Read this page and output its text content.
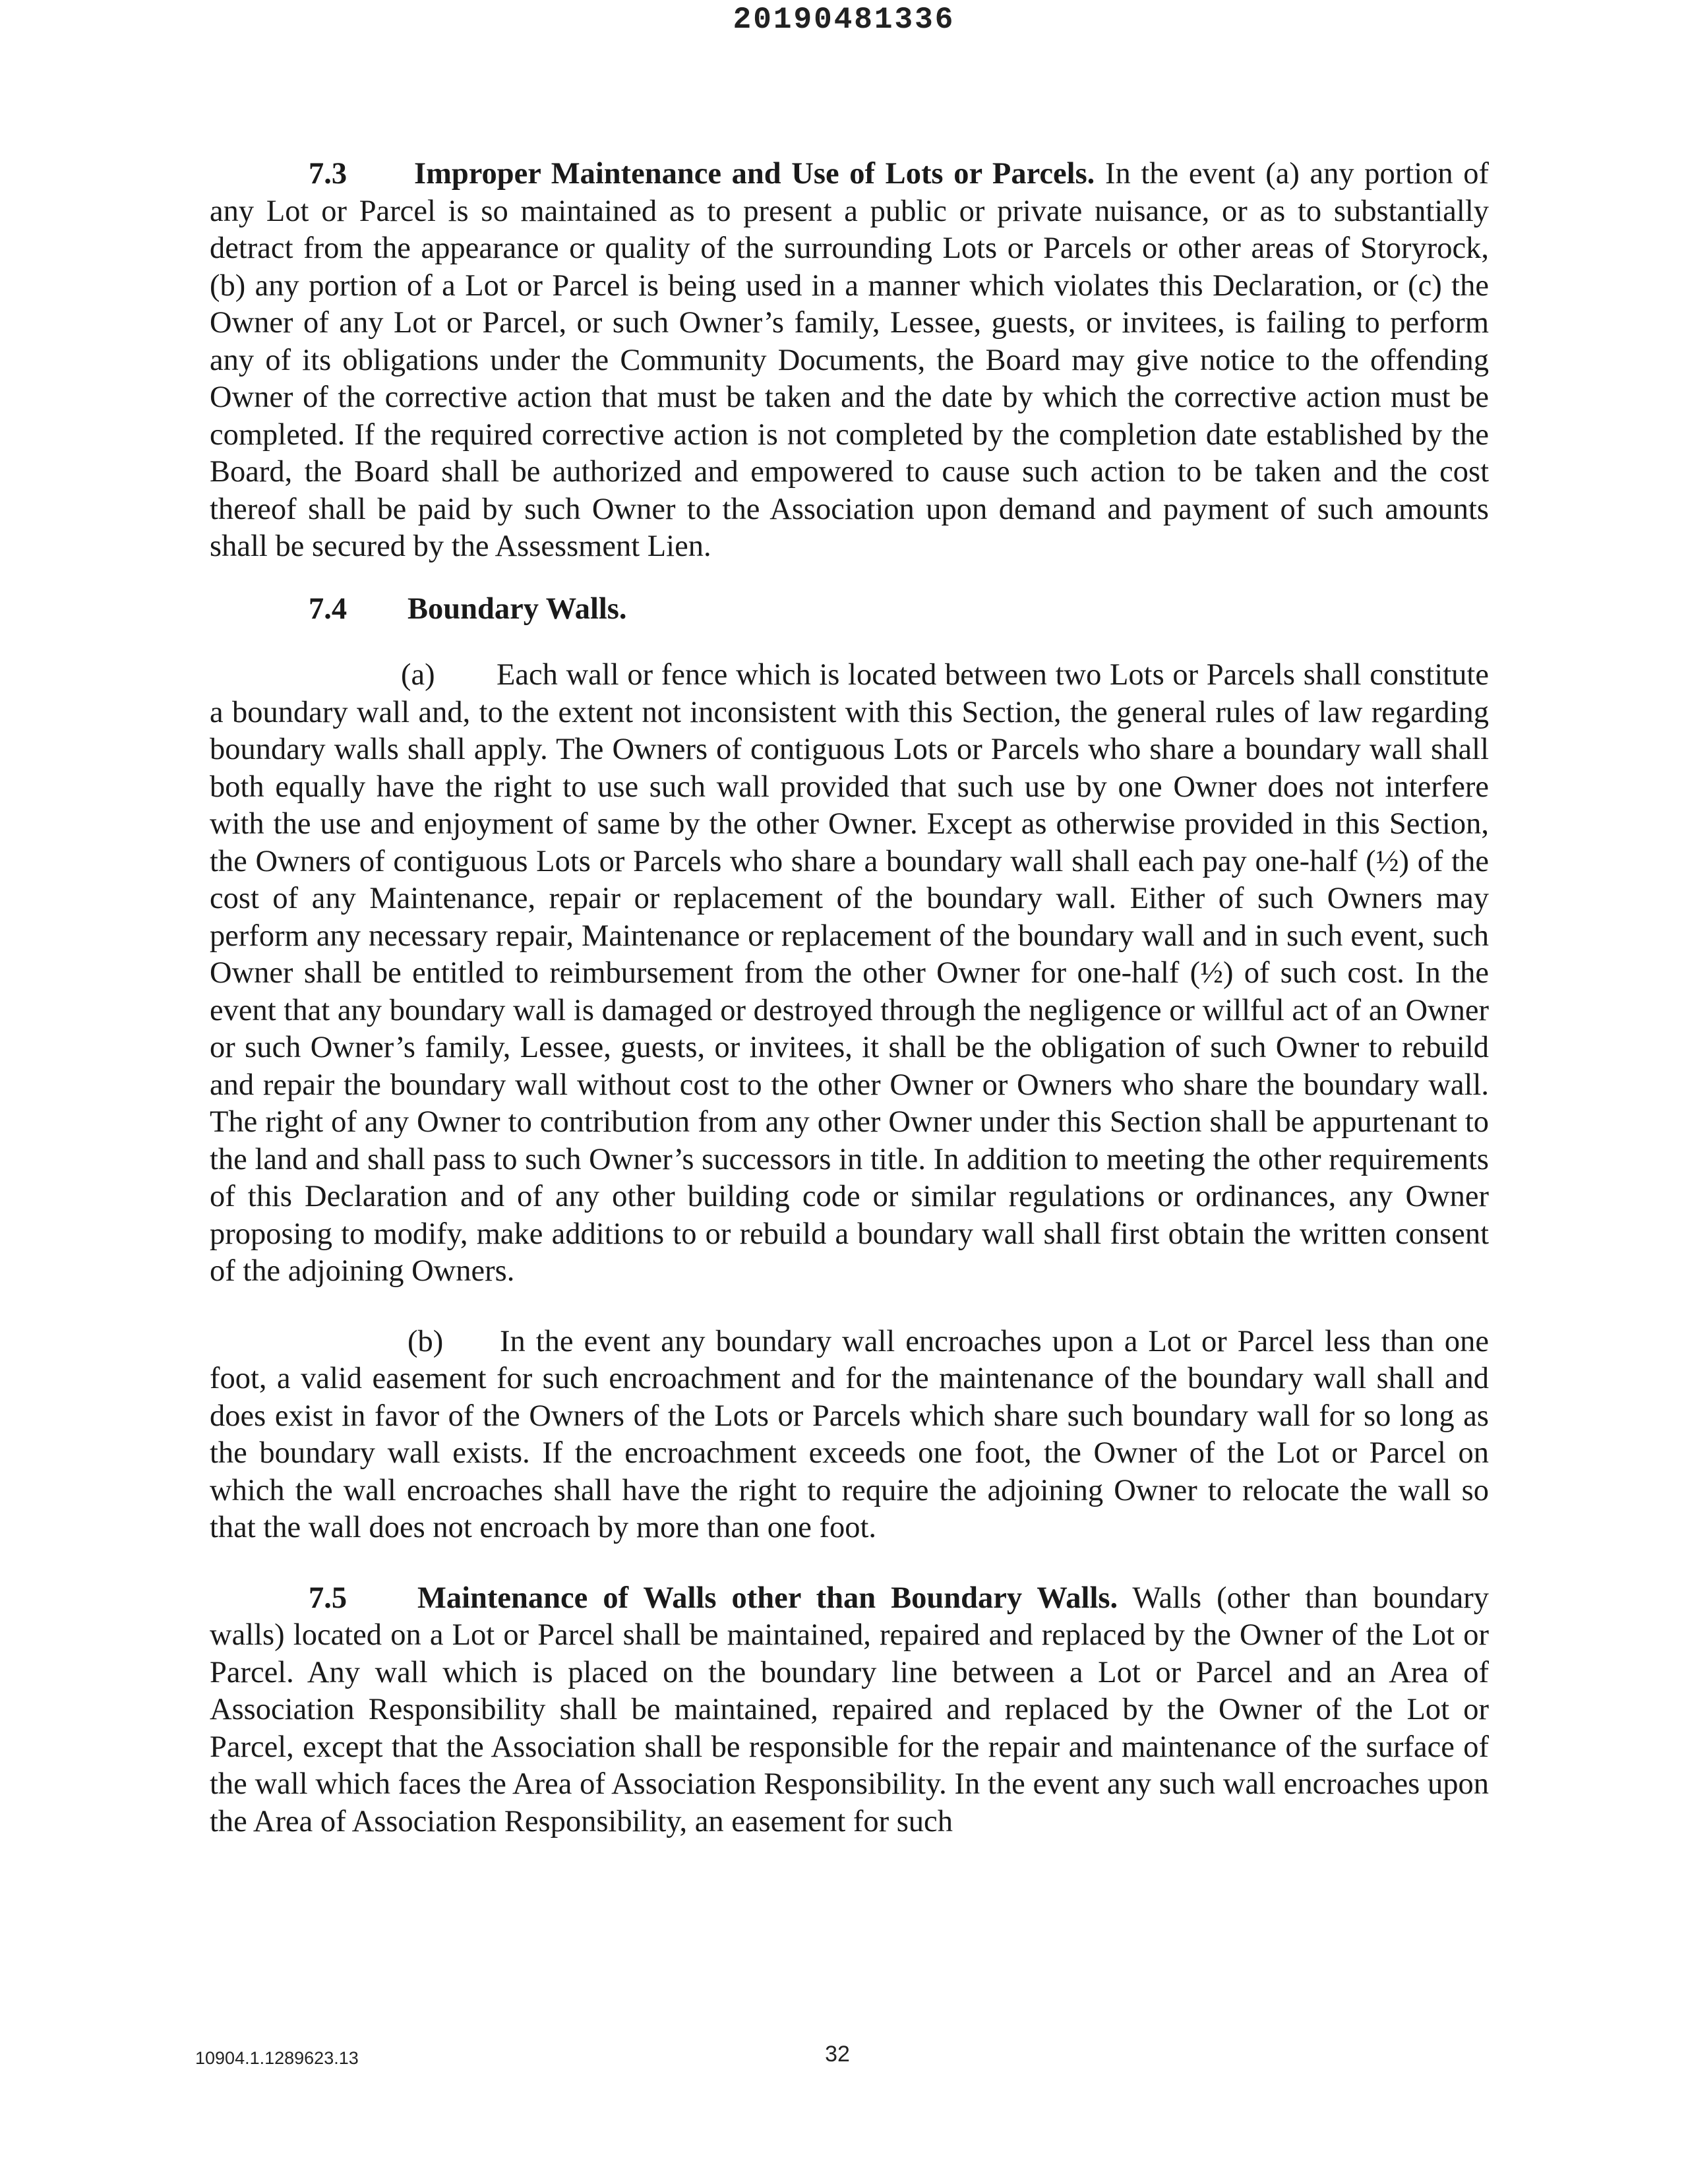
20190481336

7.3 Improper Maintenance and Use of Lots or Parcels. In the event (a) any portion of any Lot or Parcel is so maintained as to present a public or private nuisance, or as to substantially detract from the appearance or quality of the surrounding Lots or Parcels or other areas of Storyrock, (b) any portion of a Lot or Parcel is being used in a manner which violates this Declaration, or (c) the Owner of any Lot or Parcel, or such Owner’s family, Lessee, guests, or invitees, is failing to perform any of its obligations under the Community Documents, the Board may give notice to the offending Owner of the corrective action that must be taken and the date by which the corrective action must be completed. If the required corrective action is not completed by the completion date established by the Board, the Board shall be authorized and empowered to cause such action to be taken and the cost thereof shall be paid by such Owner to the Association upon demand and payment of such amounts shall be secured by the Assessment Lien.

7.4 Boundary Walls.

(a) Each wall or fence which is located between two Lots or Parcels shall constitute a boundary wall and, to the extent not inconsistent with this Section, the general rules of law regarding boundary walls shall apply. The Owners of contiguous Lots or Parcels who share a boundary wall shall both equally have the right to use such wall provided that such use by one Owner does not interfere with the use and enjoyment of same by the other Owner. Except as otherwise provided in this Section, the Owners of contiguous Lots or Parcels who share a boundary wall shall each pay one-half (½) of the cost of any Maintenance, repair or replacement of the boundary wall. Either of such Owners may perform any necessary repair, Maintenance or replacement of the boundary wall and in such event, such Owner shall be entitled to reimbursement from the other Owner for one-half (½) of such cost. In the event that any boundary wall is damaged or destroyed through the negligence or willful act of an Owner or such Owner’s family, Lessee, guests, or invitees, it shall be the obligation of such Owner to rebuild and repair the boundary wall without cost to the other Owner or Owners who share the boundary wall. The right of any Owner to contribution from any other Owner under this Section shall be appurtenant to the land and shall pass to such Owner’s successors in title. In addition to meeting the other requirements of this Declaration and of any other building code or similar regulations or ordinances, any Owner proposing to modify, make additions to or rebuild a boundary wall shall first obtain the written consent of the adjoining Owners.

(b) In the event any boundary wall encroaches upon a Lot or Parcel less than one foot, a valid easement for such encroachment and for the maintenance of the boundary wall shall and does exist in favor of the Owners of the Lots or Parcels which share such boundary wall for so long as the boundary wall exists. If the encroachment exceeds one foot, the Owner of the Lot or Parcel on which the wall encroaches shall have the right to require the adjoining Owner to relocate the wall so that the wall does not encroach by more than one foot.

7.5 Maintenance of Walls other than Boundary Walls. Walls (other than boundary walls) located on a Lot or Parcel shall be maintained, repaired and replaced by the Owner of the Lot or Parcel. Any wall which is placed on the boundary line between a Lot or Parcel and an Area of Association Responsibility shall be maintained, repaired and replaced by the Owner of the Lot or Parcel, except that the Association shall be responsible for the repair and maintenance of the surface of the wall which faces the Area of Association Responsibility. In the event any such wall encroaches upon the Area of Association Responsibility, an easement for such

10904.1.1289623.13	32
